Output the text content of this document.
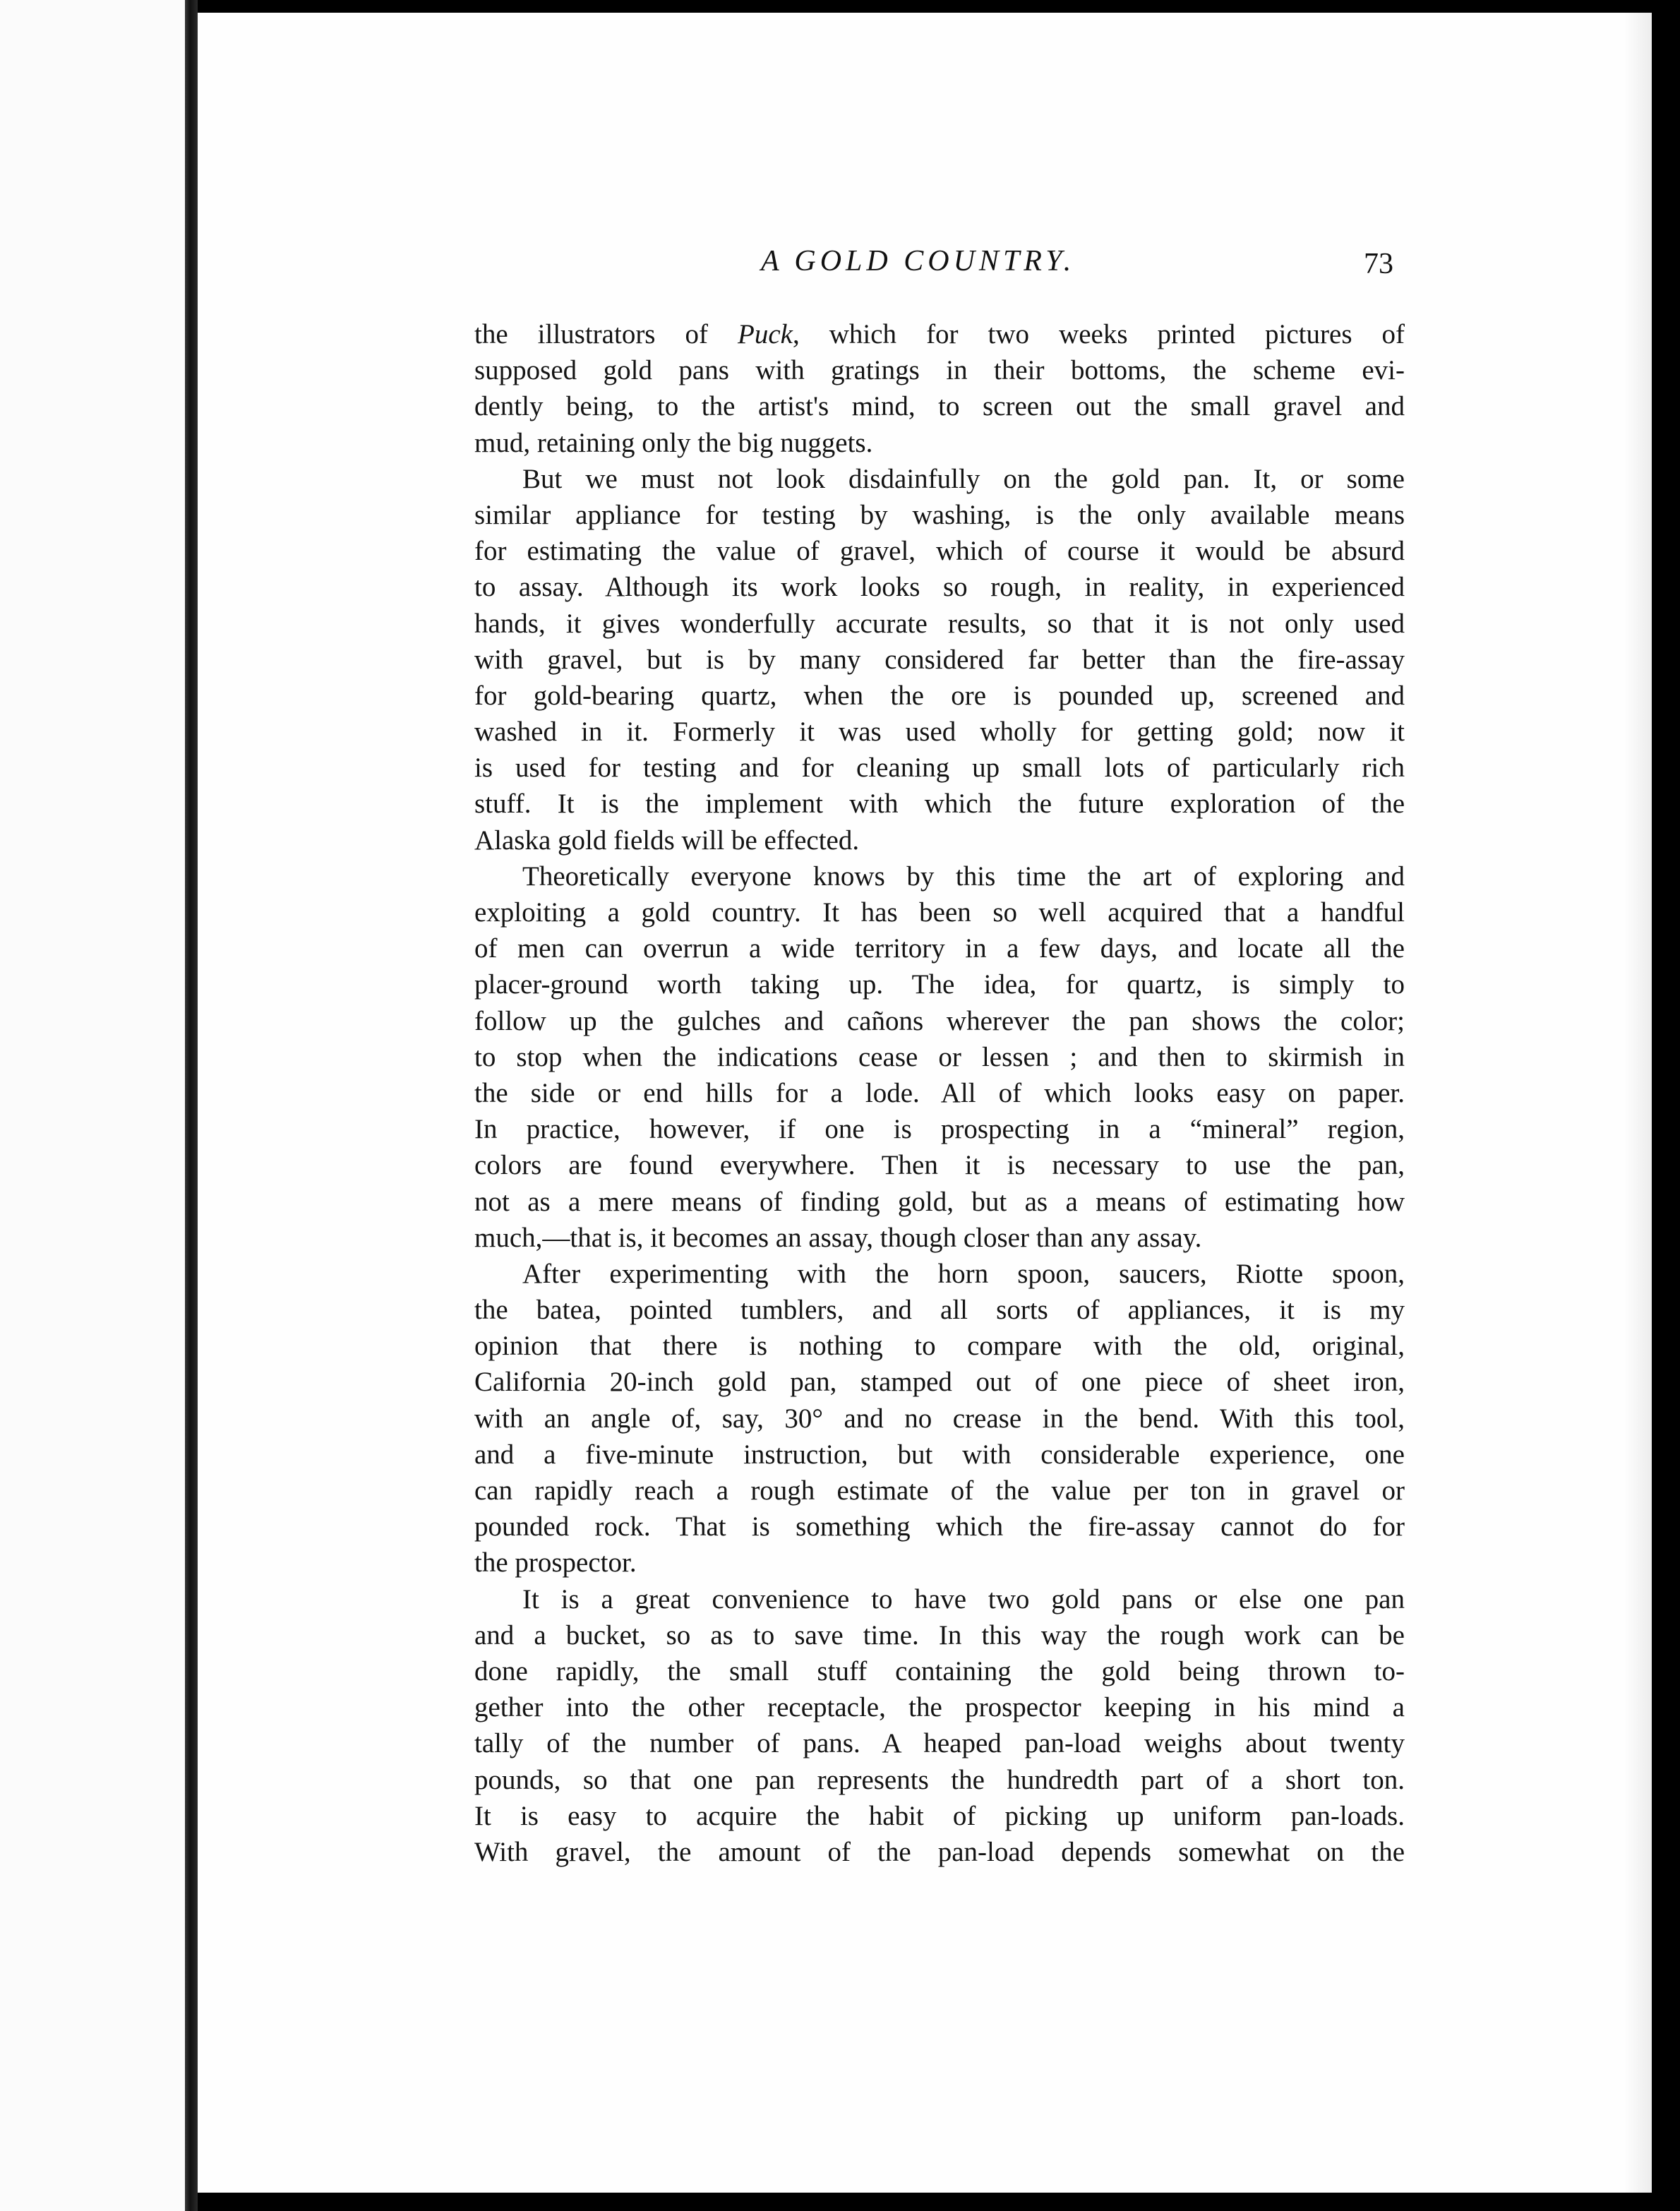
A GOLD COUNTRY.	73
the illustrators of Puck, which for two weeks printed pictures of
supposed gold pans with gratings in their bottoms, the scheme evi-
dently being, to the artist's mind, to screen out the small gravel and
mud, retaining only the big nuggets.
But we must not look disdainfully on the gold pan. It, or some
similar appliance for testing by washing, is the only available means
for estimating the value of gravel, which of course it would be absurd
to assay. Although its work looks so rough, in reality, in experienced
hands, it gives wonderfully accurate results, so that it is not only used
with gravel, but is by many considered far better than the fire-assay
for gold-bearing quartz, when the ore is pounded up, screened and
washed in it. Formerly it was used wholly for getting gold; now it
is used for testing and for cleaning up small lots of particularly rich
stuff. It is the implement with which the future exploration of the
Alaska gold fields will be effected.
Theoretically everyone knows by this time the art of exploring and
exploiting a gold country. It has been so well acquired that a handful
of men can overrun a wide territory in a few days, and locate all the
placer-ground worth taking up. The idea, for quartz, is simply to
follow up the gulches and cañons wherever the pan shows the color;
to stop when the indications cease or lessen ; and then to skirmish in
the side or end hills for a lode. All of which looks easy on paper.
In practice, however, if one is prospecting in a “mineral” region,
colors are found everywhere. Then it is necessary to use the pan,
not as a mere means of finding gold, but as a means of estimating how
much,—that is, it becomes an assay, though closer than any assay.
After experimenting with the horn spoon, saucers, Riotte spoon,
the batea, pointed tumblers, and all sorts of appliances, it is my
opinion that there is nothing to compare with the old, original,
California 20-inch gold pan, stamped out of one piece of sheet iron,
with an angle of, say, 30° and no crease in the bend. With this tool,
and a five-minute instruction, but with considerable experience, one
can rapidly reach a rough estimate of the value per ton in gravel or
pounded rock. That is something which the fire-assay cannot do for
the prospector.
It is a great convenience to have two gold pans or else one pan
and a bucket, so as to save time. In this way the rough work can be
done rapidly, the small stuff containing the gold being thrown to-
gether into the other receptacle, the prospector keeping in his mind a
tally of the number of pans. A heaped pan-load weighs about twenty
pounds, so that one pan represents the hundredth part of a short ton.
It is easy to acquire the habit of picking up uniform pan-loads.
With gravel, the amount of the pan-load depends somewhat on the
